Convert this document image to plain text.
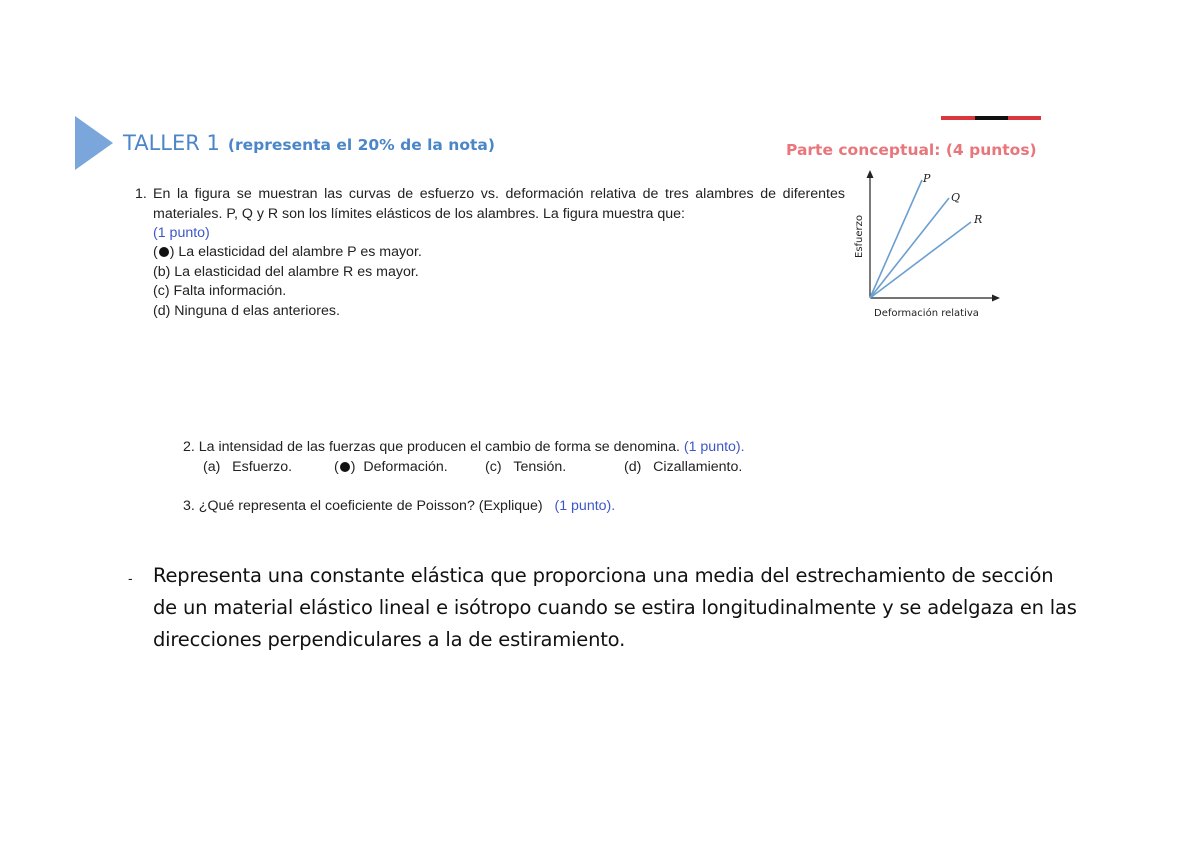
TALLER 1 (representa el 20% de la nota)	Parte conceptual: (4 puntos)
1. En la figura se muestran las curvas de esfuerzo vs. deformación relativa de tres alambres de diferentes materiales. P, Q y R son los límites elásticos de los alambres. La figura muestra que:
(1 punto)
( ) La elasticidad del alambre P es mayor.
(b) La elasticidad del alambre R es mayor.
(c) Falta información.
(d) Ninguna d elas anteriores.
P
Q
R
Esfuerzo
Deformación relativa
2. La intensidad de las fuerzas que producen el cambio de forma se denomina. (1 punto).
(a) Esfuerzo.	( ) Deformación.	(c) Tensión.	(d) Cizallamiento.
3. ¿Qué representa el coeficiente de Poisson? (Explique) (1 punto).
- Representa una constante elástica que proporciona una media del estrechamiento de sección de un material elástico lineal e isótropo cuando se estira longitudinalmente y se adelgaza en las direcciones perpendiculares a la de estiramiento.
